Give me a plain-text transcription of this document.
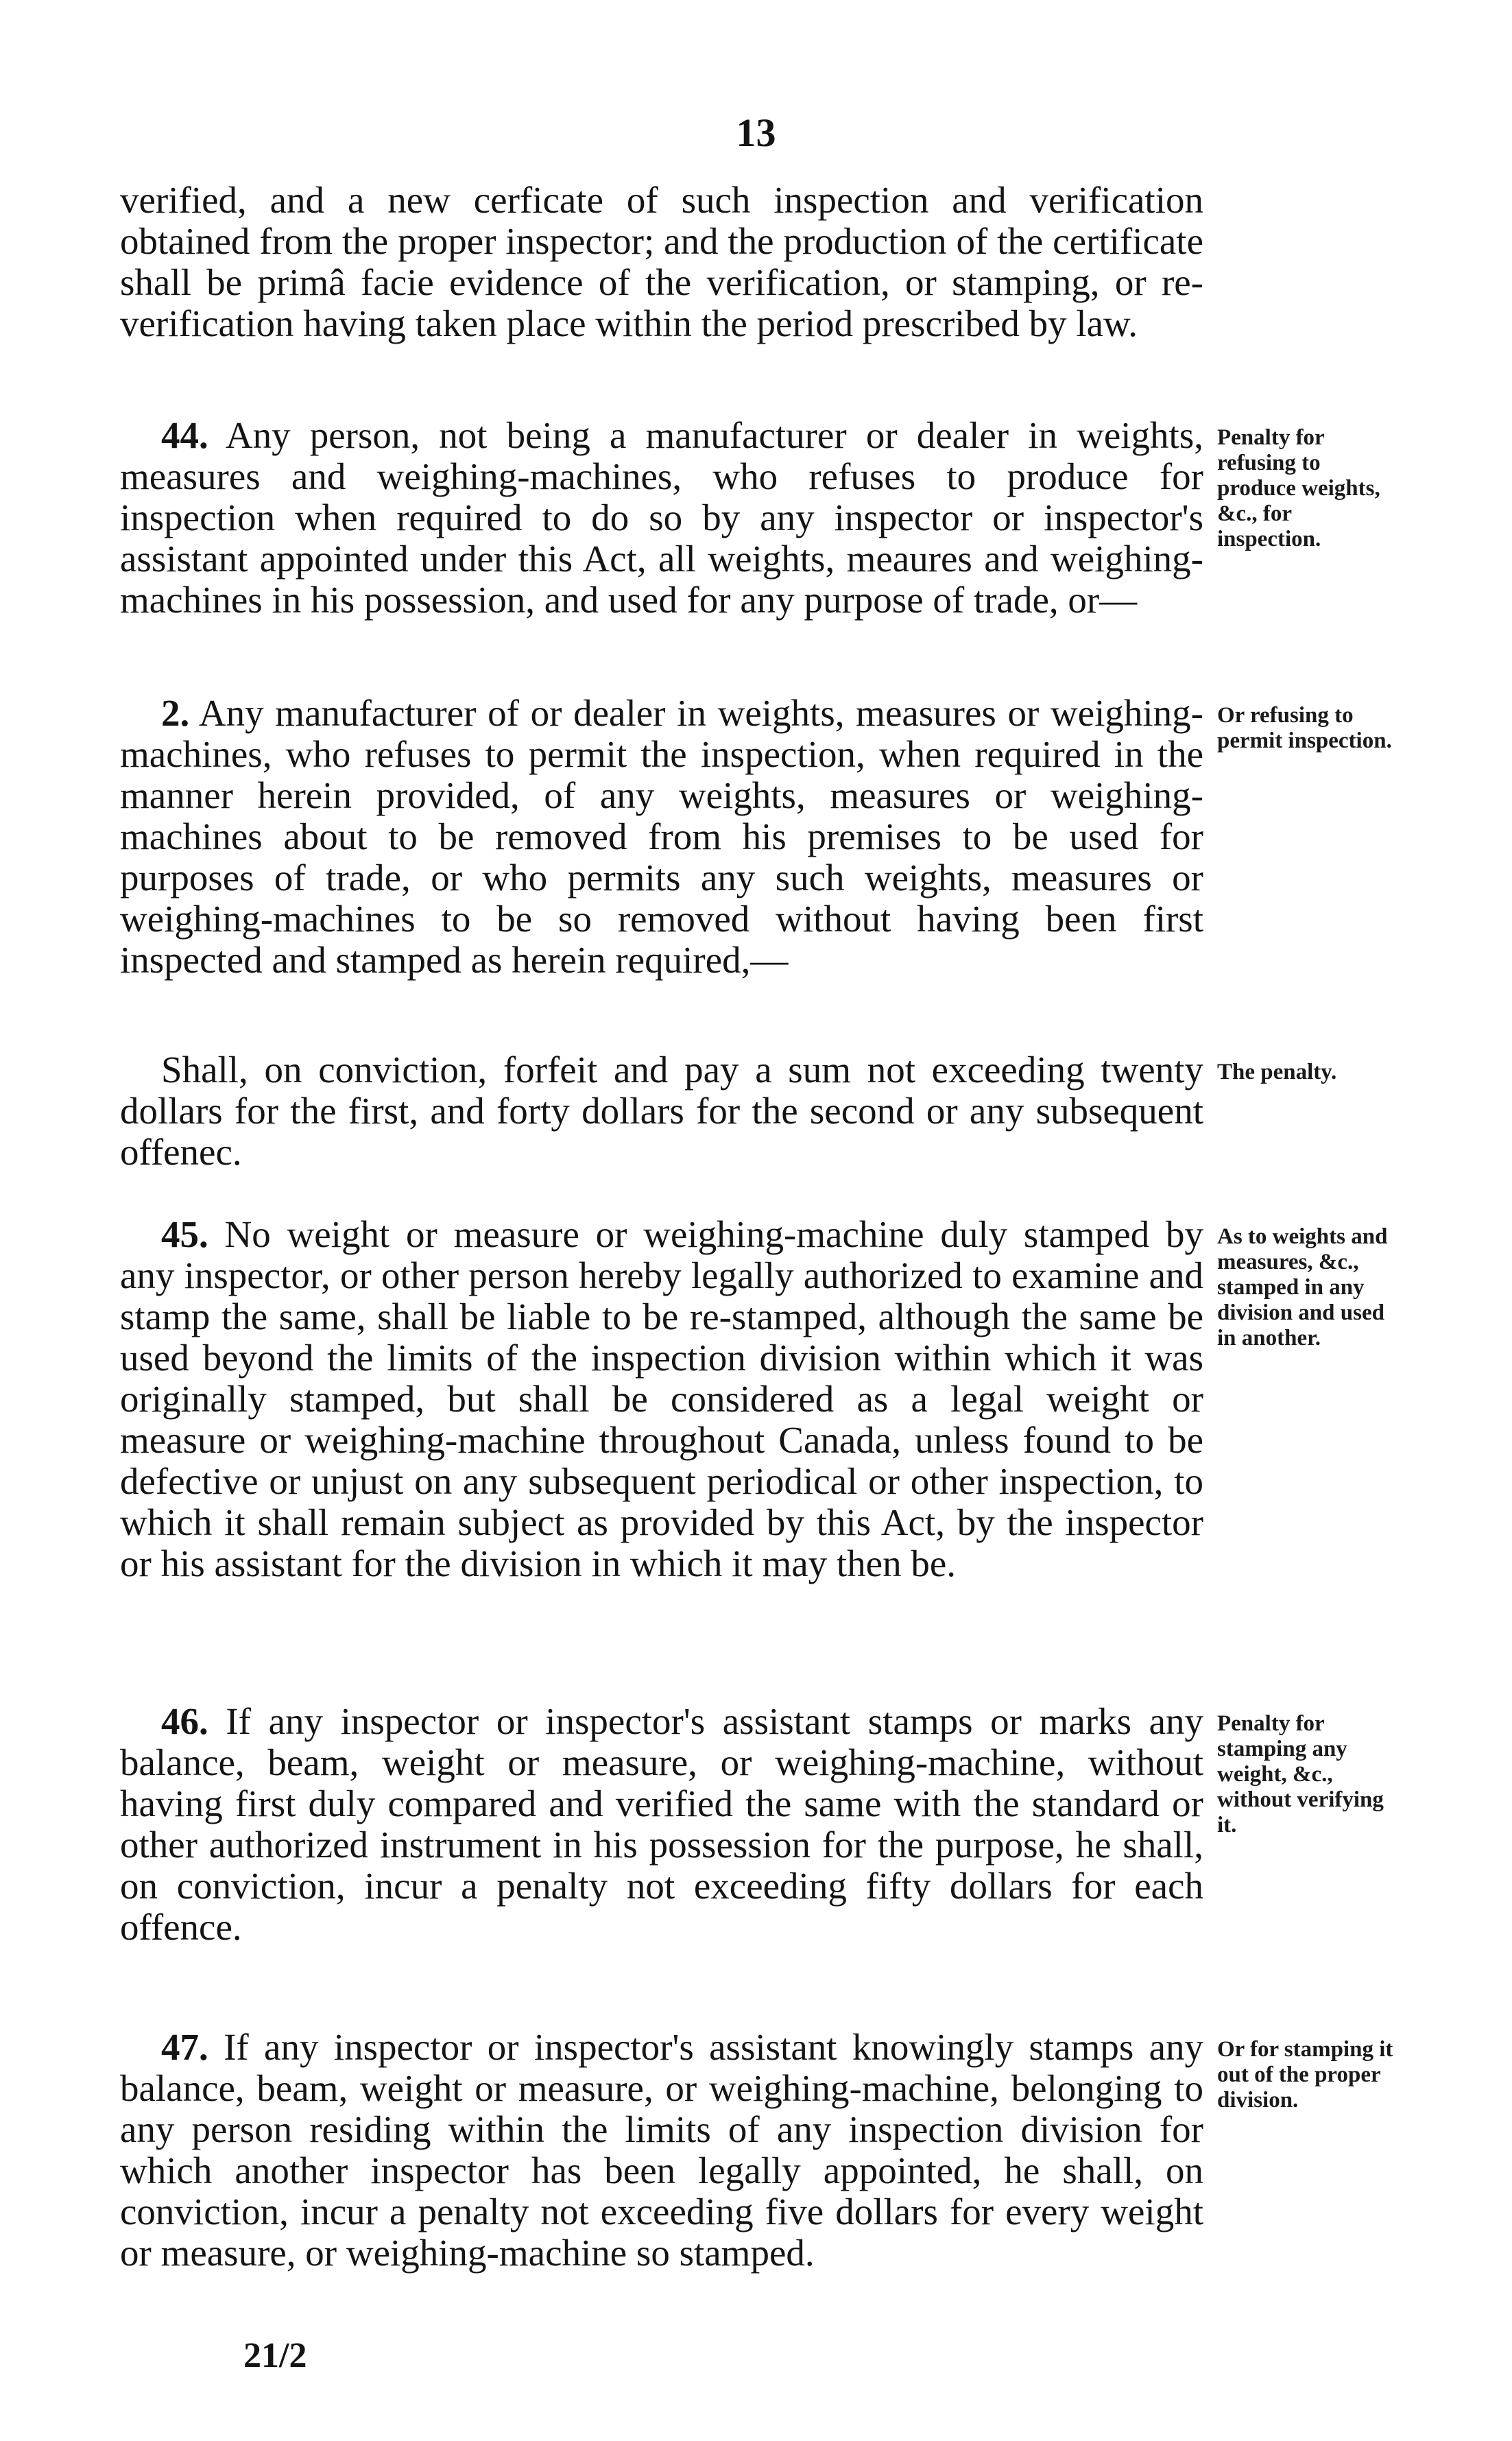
13

verified, and a new cerficate of such inspection and verification obtained from the proper inspector; and the production of the certificate shall be primâ facie evidence of the verification, or stamping, or re-verification having taken place within the period prescribed by law.

44. Any person, not being a manufacturer or dealer in weights, measures and weighing-machines, who refuses to produce for inspection when required to do so by any inspector or inspector's assistant appointed under this Act, all weights, meaures and weighing-machines in his possession, and used for any purpose of trade, or—

2. Any manufacturer of or dealer in weights, measures or weighing-machines, who refuses to permit the inspection, when required in the manner herein provided, of any weights, measures or weighing-machines about to be removed from his premises to be used for purposes of trade, or who permits any such weights, measures or weighing-machines to be so removed without having been first inspected and stamped as herein required,—

Shall, on conviction, forfeit and pay a sum not exceeding twenty dollars for the first, and forty dollars for the second or any subsequent offenec.

45. No weight or measure or weighing-machine duly stamped by any inspector, or other person hereby legally authorized to examine and stamp the same, shall be liable to be re-stamped, although the same be used beyond the limits of the inspection division within which it was originally stamped, but shall be considered as a legal weight or measure or weighing-machine throughout Canada, unless found to be defective or unjust on any subsequent periodical or other inspection, to which it shall remain subject as provided by this Act, by the inspector or his assistant for the division in which it may then be.

46. If any inspector or inspector's assistant stamps or marks any balance, beam, weight or measure, or weighing-machine, without having first duly compared and verified the same with the standard or other authorized instrument in his possession for the purpose, he shall, on conviction, incur a penalty not exceeding fifty dollars for each offence.

47. If any inspector or inspector's assistant knowingly stamps any balance, beam, weight or measure, or weighing-machine, belonging to any person residing within the limits of any inspection division for which another inspector has been legally appointed, he shall, on conviction, incur a penalty not exceeding five dollars for every weight or measure, or weighing-machine so stamped.

Penalty for refusing to produce weights, &c., for inspection.

Or refusing to permit inspection.

The penalty.

As to weights and measures, &c., stamped in any division and used in another.

Penalty for stamping any weight, &c., without verifying it.

Or for stamping it out of the proper division.

21/2
